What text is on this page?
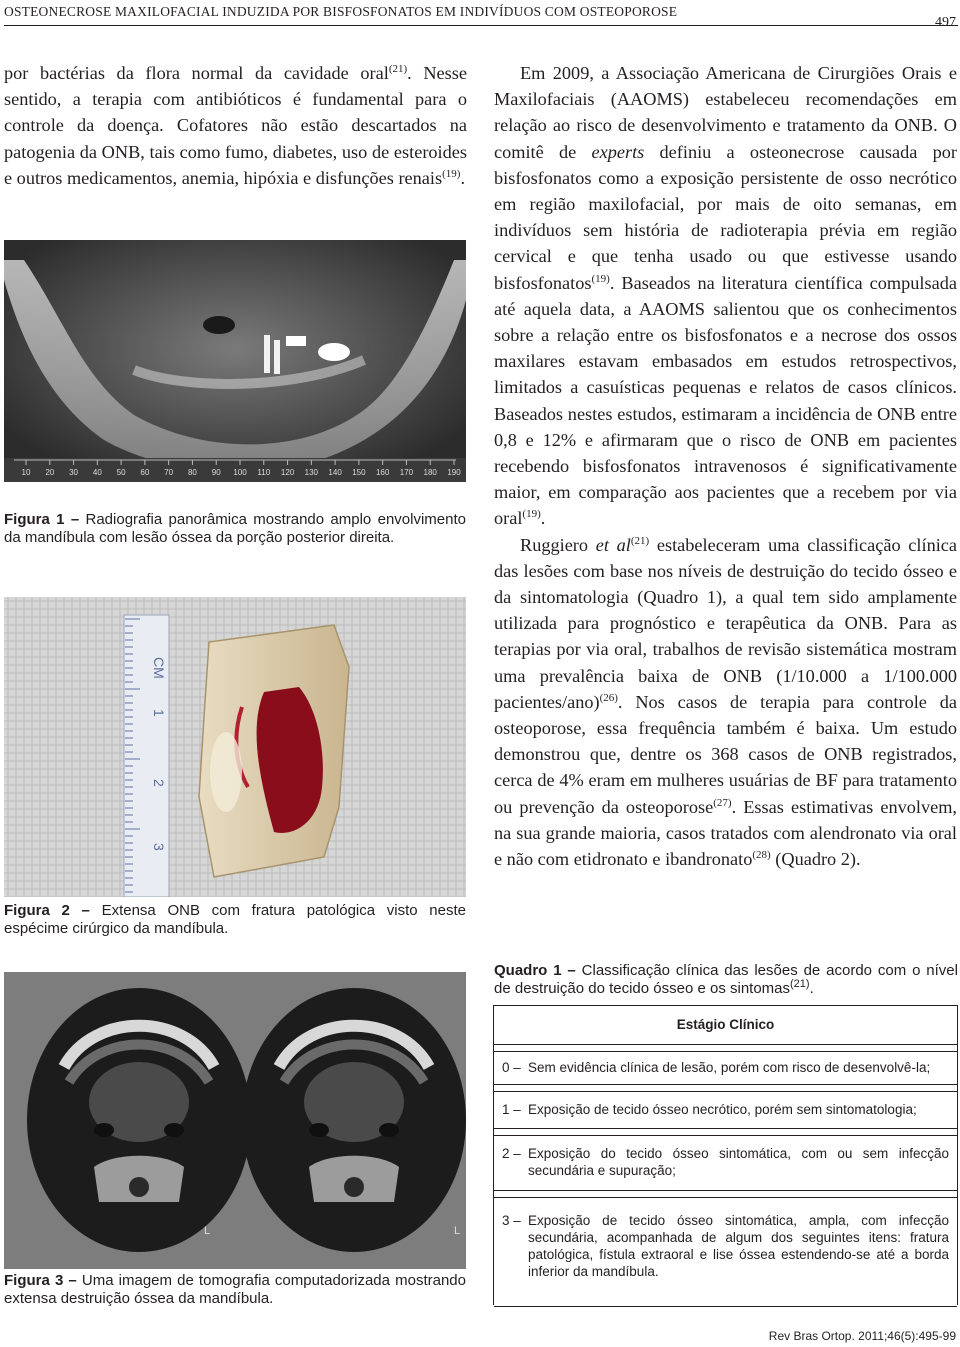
OSTEONECROSE MAXILOFACIAL INDUZIDA POR BISFOSFONATOS EM INDIVÍDUOS COM OSTEOPOROSE
497

por bactérias da flora normal da cavidade oral$^{(21)}$. Nesse sentido, a terapia com antibióticos é fundamental para o controle da doença. Cofatores não estão descartados na patogenia da ONB, tais como fumo, diabetes, uso de esteroides e outros medicamentos, anemia, hipóxia e disfunções renais$^{(19)}$.

10 20 30 40 50 60 70 80 90 100 110 120 130 140 150 160 170 180 190
Figura 1 – Radiografia panorâmica mostrando amplo envolvimento da mandíbula com lesão óssea da porção posterior direita.
CM
1
2
3
Figura 2 – Extensa ONB com fratura patológica visto neste espécime cirúrgico da mandíbula.
L	L
Figura 3 – Uma imagem de tomografia computadorizada mostrando extensa destruição óssea da mandíbula.

Em 2009, a Associação Americana de Cirurgiões Orais e Maxilofaciais (AAOMS) estabeleceu recomendações em relação ao risco de desenvolvimento e tratamento da ONB. O comitê de experts definiu a osteonecrose causada por bisfosfonatos como a exposição persistente de osso necrótico em região maxilofacial, por mais de oito semanas, em indivíduos sem história de radioterapia prévia em região cervical e que tenha usado ou que estivesse usando bisfosfonatos$^{(19)}$. Baseados na literatura científica compulsada até aquela data, a AAOMS salientou que os conhecimentos sobre a relação entre os bisfosfonatos e a necrose dos ossos maxilares estavam embasados em estudos retrospectivos, limitados a casuísticas pequenas e relatos de casos clínicos. Baseados nestes estudos, estimaram a incidência de ONB entre 0,8 e 12% e afirmaram que o risco de ONB em pacientes recebendo bisfosfonatos intravenosos é significativamente maior, em comparação aos pacientes que a recebem por via oral$^{(19)}$.

Ruggiero et $al^{(21)}$ estabeleceram uma classificação clínica das lesões com base nos níveis de destruição do tecido ósseo e da sintomatologia (Quadro 1), a qual tem sido amplamente utilizada para prognóstico e terapêutica da ONB. Para as terapias por via oral, trabalhos de revisão sistemática mostram uma prevalência baixa de ONB (1/10.000 a 1/100.000 pacientes/ano)$^{(26)}$. Nos casos de terapia para controle da osteoporose, essa frequência também é baixa. Um estudo demonstrou que, dentre os 368 casos de ONB registrados, cerca de 4% eram em mulheres usuárias de BF para tratamento ou prevenção da osteoporose$^{(27)}$. Essas estimativas envolvem, na sua grande maioria, casos tratados com alendronato via oral e não com etidronato e ibandronato$^{(28)}$ (Quadro 2).

Quadro 1 – Classificação clínica das lesões de acordo com o nível de destruição do tecido ósseo e os sintomas$^{(21)}$.
Estágio Clínico
0 – Sem evidência clínica de lesão, porém com risco de desenvolvê-la;
1 – Exposição de tecido ósseo necrótico, porém sem sintomatologia;
2 – Exposição do tecido ósseo sintomática, com ou sem infecção secundária e supuração;
3 – Exposição de tecido ósseo sintomática, ampla, com infecção secundária, acompanhada de algum dos seguintes itens: fratura patológica, fístula extraoral e lise óssea estendendo-se até a borda inferior da mandíbula.
Rev Bras Ortop. 2011;46(5):495-99
